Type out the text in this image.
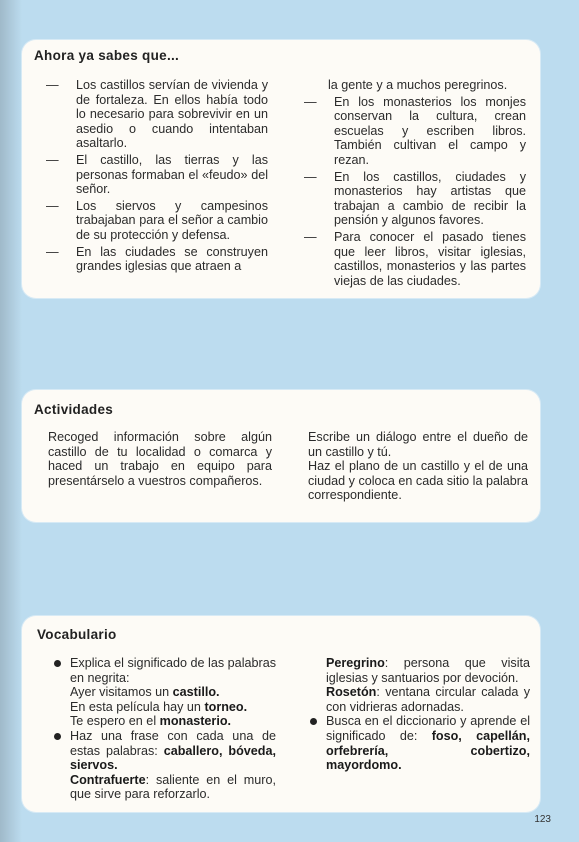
Ahora ya sabes que...

—	Los castillos servían de vivienda y de fortaleza. En ellos había todo lo necesario para sobrevivir en un asedio o cuando intentaban asaltarlo.

—	El castillo, las tierras y las personas formaban el «feudo» del señor.

—	Los siervos y campesinos trabajaban para el señor a cambio de su protección y defensa.

—	En las ciudades se construyen grandes iglesias que atraen a

la gente y a muchos peregrinos.

—	En los monasterios los monjes conservan la cultura, crean escuelas y escriben libros. También cultivan el campo y rezan.

—	En los castillos, ciudades y monasterios hay artistas que trabajan a cambio de recibir la pensión y algunos favores.

—	Para conocer el pasado tienes que leer libros, visitar iglesias, castillos, monasterios y las partes viejas de las ciudades.

Actividades

Recoged información sobre algún castillo de tu localidad o comarca y haced un trabajo en equipo para presentárselo a vuestros compañeros.

Escribe un diálogo entre el dueño de un castillo y tú.

Haz el plano de un castillo y el de una ciudad y coloca en cada sitio la palabra correspondiente.

Vocabulario

Explica el significado de las palabras en negrita:

Ayer visitamos un castillo.
En esta película hay un torneo.
Te espero en el monasterio.

Haz una frase con cada una de estas palabras: caballero, bóveda, siervos.

Contrafuerte: saliente en el muro, que sirve para reforzarlo.

Peregrino: persona que visita iglesias y santuarios por devoción.

Rosetón: ventana circular calada y con vidrieras adornadas.

Busca en el diccionario y aprende el significado de: foso, capellán, orfebrería, cobertizo, mayordomo.

123
